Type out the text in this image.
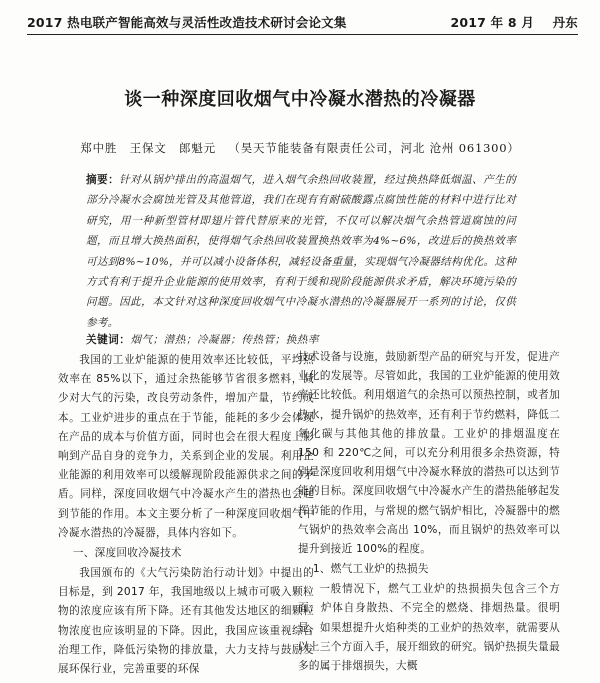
2017 热电联产智能高效与灵活性改造技术研讨会论文集	2017 年 8 月 丹东
谈一种深度回收烟气中冷凝水潜热的冷凝器
郑中胜 王保文 郎魁元 （昊天节能装备有限责任公司，河北 沧州 061300）
摘要：针对从锅炉排出的高温烟气，进入烟气余热回收装置，经过换热降低烟温、产生的部分冷凝水会腐蚀光管及其他管道，我们在现有有耐硫酸露点腐蚀性能的材料中进行比对研究，用一种新型管材即翅片管代替原来的光管，不仅可以解决烟气余热管道腐蚀的问题，而且增大换热面积，使得烟气余热回收装置换热效率为4%~6%，改进后的换热效率可达到8%~10%，并可以减小设备体积，减轻设备重量，实现烟气冷凝器结构优化。这种方式有利于提升企业能源的使用效率，有利于缓和现阶段能源供求矛盾，解决环境污染的问题。因此，本文针对这种深度回收烟气中冷凝水潜热的冷凝器展开一系列的讨论，仅供参考。
关键词：烟气 ； 潜热 ； 冷凝器 ； 传热管 ； 换热率

我国的工业炉能源的使用效率还比较低，平均热效率在 85%以下，通过余热能够节省很多燃料，减少对大气的污染，改良劳动条件，增加产量，节约成本。工业炉进步的重点在于节能，能耗的多少会体现在产品的成本与价值方面，同时也会在很大程度上影响到产品自身的竞争力，关系到企业的发展。利用企业能源的利用效率可以缓解现阶段能源供求之间的矛盾。同样，深度回收烟气中冷凝水产生的潜热也会起到节能的作用。本文主要分析了一种深度回收烟气中冷凝水潜热的冷凝器，具体内容如下。

一、深度回收冷凝技术

我国颁布的《大气污染防治行动计划》中提出的目标是，到 2017 年，我国地级以上城市可吸入颗粒物的浓度应该有所下降。还有其他发达地区的细颗粒物浓度也应该明显的下降。因此，我国应该重视综合治理工作，降低污染物的排放量，大力支持与鼓励发展环保行业，完善重要的环保

技术设备与设施，鼓励新型产品的研究与开发，促进产业化的发展等。尽管如此，我国的工业炉能源的使用效率还比较低。利用烟道气的余热可以预热控制，或者加热水，提升锅炉的热效率，还有利于节约燃料，降低二氧化碳与其他其他的排放量。工业炉的排烟温度在 150 和 220℃之间，可以充分利用很多余热资源，特别是深度回收利用烟气中冷凝水释放的潜热可以达到节能的目标。深度回收烟气中冷凝水产生的潜热能够起发挥节能的作用，与常规的燃气锅炉相比，冷凝器中的燃气锅炉的热效率会高出 10%，而且锅炉的热效率可以提升到接近 100%的程度。

1、燃气工业炉的热损失

一般情况下，燃气工业炉的热损损失包含三个方面：炉体自身散热、不完全的燃烧、排烟热量。很明显，如果想提升火焰种类的工业炉的热效率，就需要从以上三个方面入手，展开细致的研究。锅炉热损失量最多的属于排烟损失，大概
